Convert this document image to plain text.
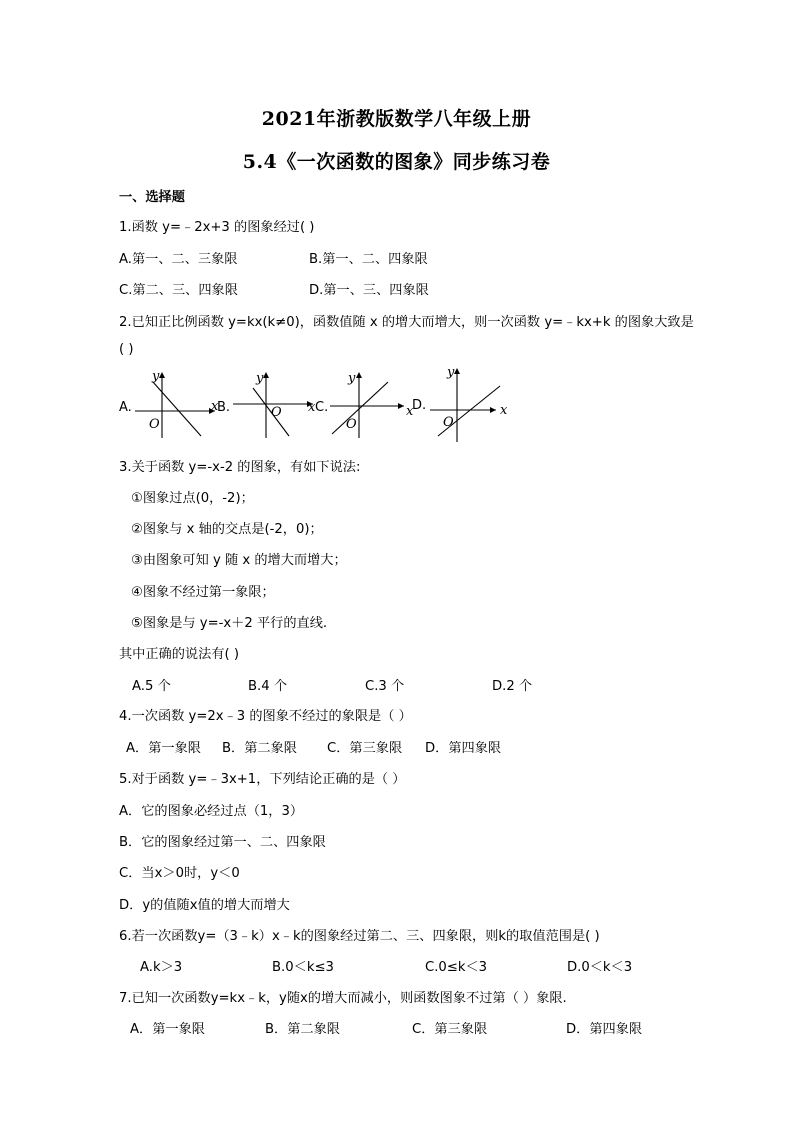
2021年浙教版数学八年级上册
5.4《一次函数的图象》同步练习卷
一、选择题
1.函数 y=﹣2x+3 的图象经过( )
A.第一、二、三象限	B.第一、二、四象限
C.第二、三、四象限	D.第一、三、四象限
2.已知正比例函数 y=kx(k≠0)，函数值随 x 的增大而增大，则一次函数 y=﹣kx+k 的图象大致是
( )
A.
y
x
O
B.
y
O x C.
y
x
O
D.
y
x
O
3.关于函数 y=-x-2 的图象，有如下说法:
①图象过点(0，-2)；
②图象与 x 轴的交点是(-2，0)；
③由图象可知 y 随 x 的增大而增大；
④图象不经过第一象限；
⑤图象是与 y=-x＋2 平行的直线.
其中正确的说法有( )
A.5 个	B.4 个	C.3 个	D.2 个
4.一次函数 y=2x﹣3 的图象不经过的象限是（ ）
A．第一象限 B．第二象限 C．第三象限 D．第四象限
5.对于函数 y=﹣3x+1，下列结论正确的是（ ）
A．它的图象必经过点（1，3）
B．它的图象经过第一、二、四象限
C．当x＞0时，y＜0
D．y的值随x值的增大而增大
6.若一次函数y=（3﹣k）x﹣k的图象经过第二、三、四象限，则k的取值范围是( )
A.k＞3	B.0＜k≤3	C.0≤k＜3	D.0＜k＜3
7.已知一次函数y=kx﹣k，y随x的增大而减小，则函数图象不过第（ ）象限.
A．第一象限	B．第二象限	C．第三象限	D．第四象限
